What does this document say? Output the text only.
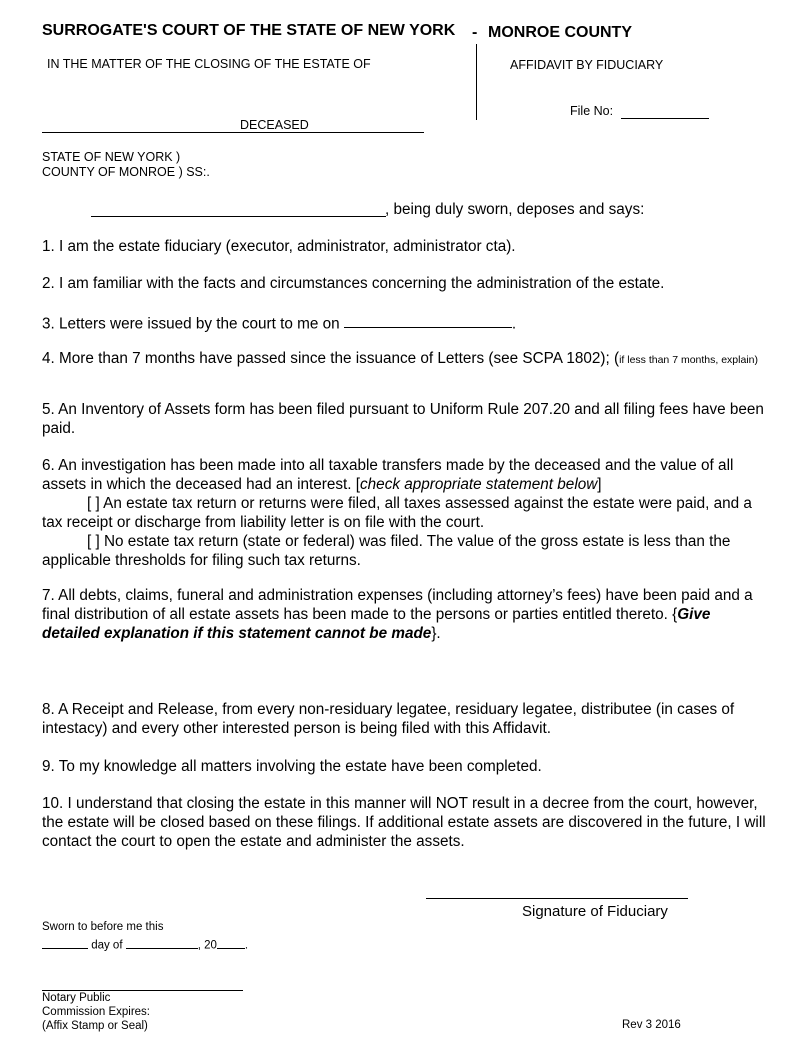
SURROGATE'S COURT OF THE STATE OF NEW YORK - MONROE COUNTY
IN THE MATTER OF THE CLOSING OF THE ESTATE OF	AFFIDAVIT BY FIDUCIARY
File No:
DECEASED
STATE OF NEW YORK )
COUNTY OF MONROE ) SS:.
, being duly sworn, deposes and says:
1. I am the estate fiduciary (executor, administrator, administrator cta).
2. I am familiar with the facts and circumstances concerning the administration of the estate.
3. Letters were issued by the court to me on	.
4. More than 7 months have passed since the issuance of Letters (see SCPA 1802); (if less than 7 months, explain)
5. An Inventory of Assets form has been filed pursuant to Uniform Rule 207.20 and all filing fees have been paid.
6. An investigation has been made into all taxable transfers made by the deceased and the value of all assets in which the deceased had an interest. [check appropriate statement below]
[ ] An estate tax return or returns were filed, all taxes assessed against the estate were paid, and a tax receipt or discharge from liability letter is on file with the court.
[ ] No estate tax return (state or federal) was filed. The value of the gross estate is less than the applicable thresholds for filing such tax returns.
7. All debts, claims, funeral and administration expenses (including attorney’s fees) have been paid and a final distribution of all estate assets has been made to the persons or parties entitled thereto. {Give detailed explanation if this statement cannot be made}.
8. A Receipt and Release, from every non-residuary legatee, residuary legatee, distributee (in cases of intestacy) and every other interested person is being filed with this Affidavit.
9. To my knowledge all matters involving the estate have been completed.
10. I understand that closing the estate in this manner will NOT result in a decree from the court, however, the estate will be closed based on these filings. If additional estate assets are discovered in the future, I will contact the court to open the estate and administer the assets.
Signature of Fiduciary
Sworn to before me this
day of	, 20 .
Notary Public
Commission Expires:
(Affix Stamp or Seal)	Rev 3 2016
